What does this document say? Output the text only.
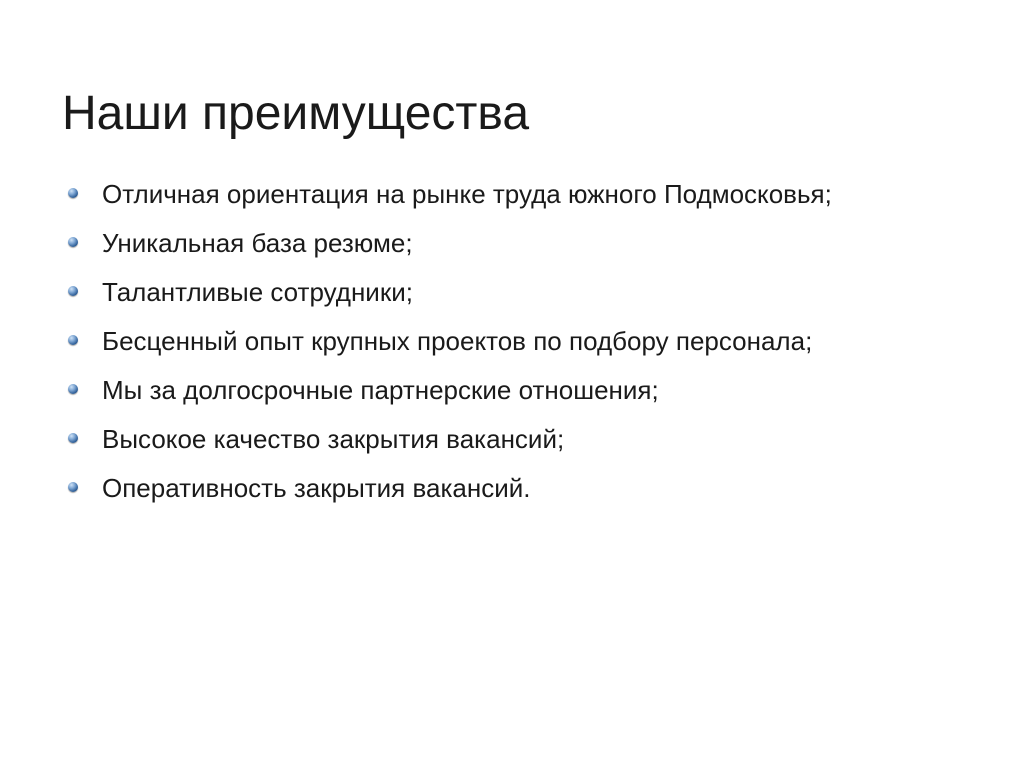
Наши преимущества
Отличная ориентация на рынке труда южного Подмосковья;
Уникальная база резюме;
Талантливые сотрудники;
Бесценный опыт крупных проектов по подбору персонала;
Мы за долгосрочные партнерские отношения;
Высокое качество закрытия вакансий;
Оперативность закрытия вакансий.
